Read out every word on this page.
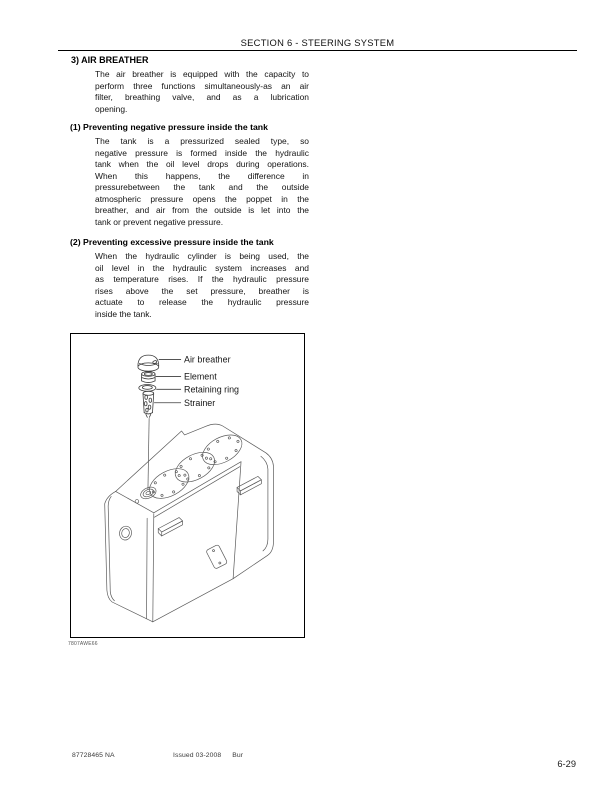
SECTION 6 - STEERING SYSTEM
3) AIR BREATHER
The air breather is equipped with the capacity to
perform three functions simultaneously-as an air
filter, breathing valve, and as a lubrication
opening.
(1) Preventing negative pressure inside the tank
The tank is a pressurized sealed type, so
negative pressure is formed inside the hydraulic
tank when the oil level drops during operations.
When this happens, the difference in
pressurebetween the tank and the outside
atmospheric pressure opens the poppet in the
breather, and air from the outside is let into the
tank or prevent negative pressure.
(2) Preventing excessive pressure inside the tank
When the hydraulic cylinder is being used, the
oil level in the hydraulic system increases and
as temperature rises. If the hydraulic pressure
rises above the set pressure, breather is
actuate to release the hydraulic pressure
inside the tank.
Air breather
Element
Retaining ring
Strainer
7807AWE66
87728465 NA	Issued 03-2008 Bur
6-29
